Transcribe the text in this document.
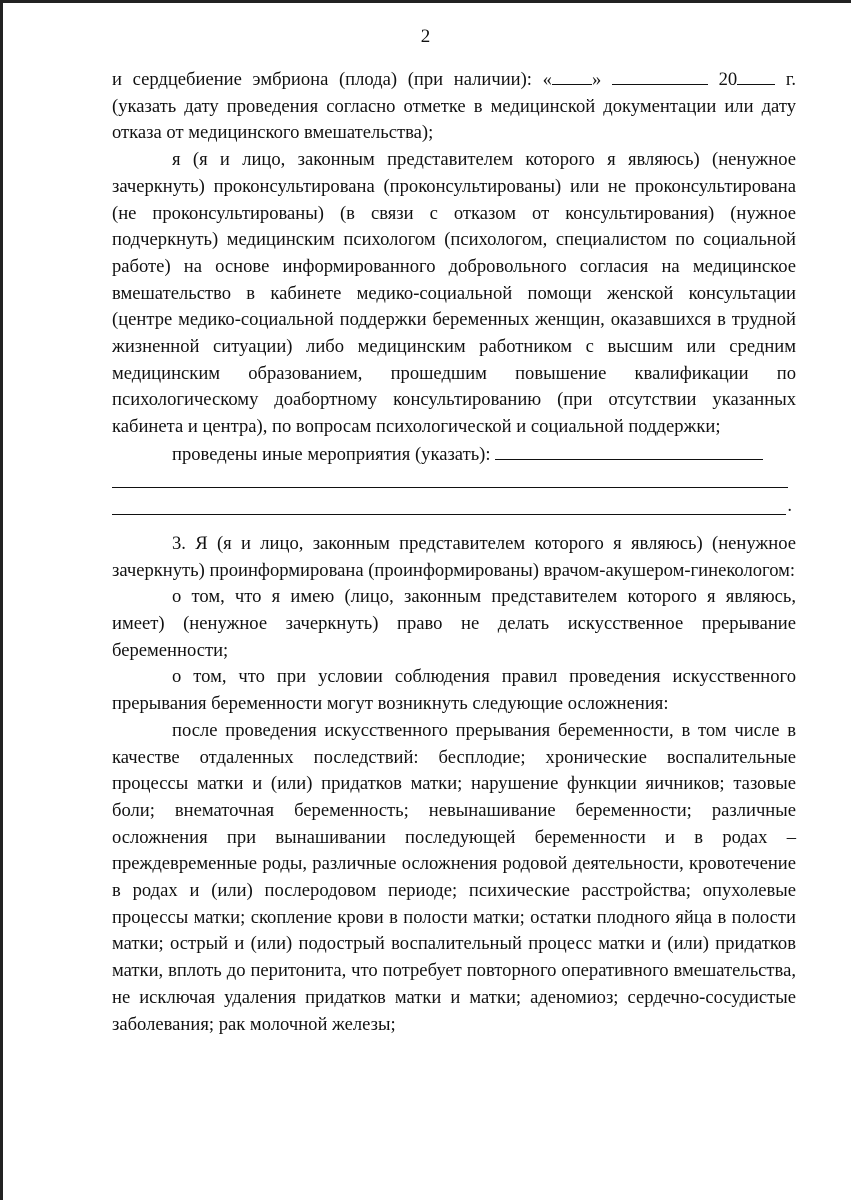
2

и сердцебиение эмбриона (плода) (при наличии): « »	20 г. (указать дату проведения согласно отметке в медицинской документации или дату отказа от медицинского вмешательства);

я (я и лицо, законным представителем которого я являюсь) (ненужное зачеркнуть) проконсультирована (проконсультированы) или не проконсультирована (не проконсультированы) (в связи с отказом от консультирования) (нужное подчеркнуть) медицинским психологом (психологом, специалистом по социальной работе) на основе информированного добровольного согласия на медицинское вмешательство в кабинете медико-социальной помощи женской консультации (центре медико-социальной поддержки беременных женщин, оказавшихся в трудной жизненной ситуации) либо медицинским работником с высшим или средним медицинским образованием, прошедшим повышение квалификации по психологическому доабортному консультированию (при отсутствии указанных кабинета и центра), по вопросам психологической и социальной поддержки;

проведены иные мероприятия (указать):

.

3. Я (я и лицо, законным представителем которого я являюсь) (ненужное зачеркнуть) проинформирована (проинформированы) врачом-акушером-гинекологом:

о том, что я имею (лицо, законным представителем которого я являюсь, имеет) (ненужное зачеркнуть) право не делать искусственное прерывание беременности;

о том, что при условии соблюдения правил проведения искусственного прерывания беременности могут возникнуть следующие осложнения:

после проведения искусственного прерывания беременности, в том числе в качестве отдаленных последствий: бесплодие; хронические воспалительные процессы матки и (или) придатков матки; нарушение функции яичников; тазовые боли; внематочная беременность; невынашивание беременности; различные осложнения при вынашивании последующей беременности и в родах – преждевременные роды, различные осложнения родовой деятельности, кровотечение в родах и (или) послеродовом периоде; психические расстройства; опухолевые процессы матки; скопление крови в полости матки; остатки плодного яйца в полости матки; острый и (или) подострый воспалительный процесс матки и (или) придатков матки, вплоть до перитонита, что потребует повторного оперативного вмешательства, не исключая удаления придатков матки и матки; аденомиоз; сердечно-сосудистые заболевания; рак молочной железы;
